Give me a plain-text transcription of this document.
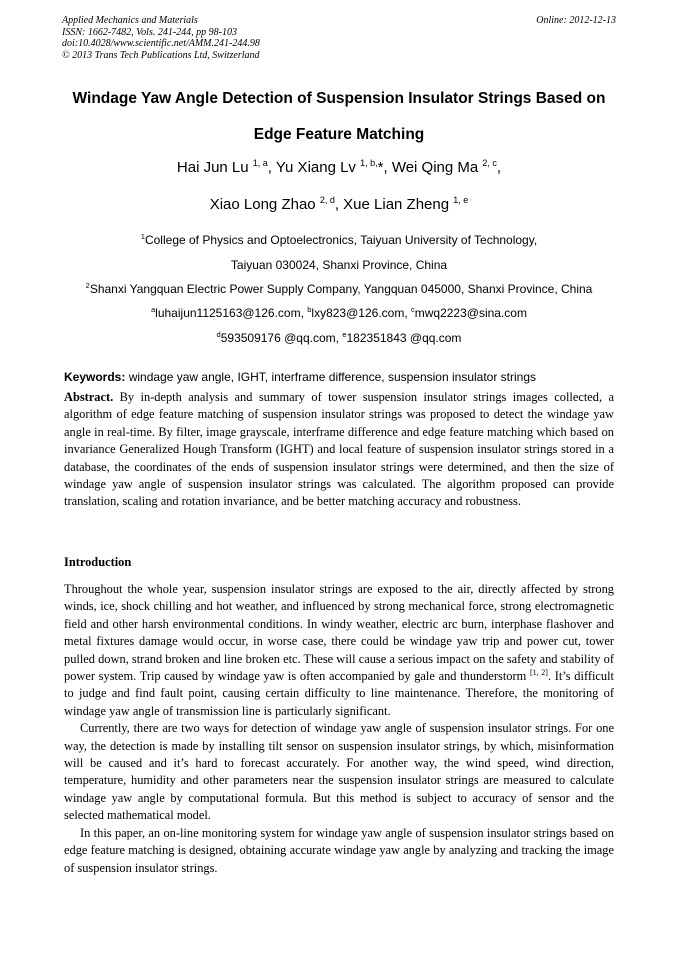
Applied Mechanics and Materials
ISSN: 1662-7482, Vols. 241-244, pp 98-103
doi:10.4028/www.scientific.net/AMM.241-244.98
© 2013 Trans Tech Publications Ltd, Switzerland
Online: 2012-12-13
Windage Yaw Angle Detection of Suspension Insulator Strings Based on
Edge Feature Matching
Hai Jun Lu $^{1, a}$, Yu Xiang Lv $^{1, b,}$*, Wei Qing Ma $^{2, c}$,
Xiao Long Zhao $^{2, d}$, Xue Lian Zheng $^{1, e}$
$^1$College of Physics and Optoelectronics, Taiyuan University of Technology,
Taiyuan 030024, Shanxi Province, China
$^2$Shanxi Yangquan Electric Power Supply Company, Yangquan 045000, Shanxi Province, China
$^a$luhaijun1125163@126.com, $^b$lxy823@126.com, $^c$mwq2223@sina.com
$^d$593509176 @qq.com, $^e$182351843 @qq.com
Keywords: windage yaw angle, IGHT, interframe difference, suspension insulator strings
Abstract. By in-depth analysis and summary of tower suspension insulator strings images collected, a algorithm of edge feature matching of suspension insulator strings was proposed to detect the windage yaw angle in real-time. By filter, image grayscale, interframe difference and edge feature matching which based on invariance Generalized Hough Transform (IGHT) and local feature of suspension insulator strings stored in a database, the coordinates of the ends of suspension insulator strings were determined, and then the size of windage yaw angle of suspension insulator strings was calculated. The algorithm proposed can provide translation, scaling and rotation invariance, and be better matching accuracy and robustness.
Introduction

Throughout the whole year, suspension insulator strings are exposed to the air, directly affected by strong winds, ice, shock chilling and hot weather, and influenced by strong mechanical force, strong electromagnetic field and other harsh environmental conditions. In windy weather, electric arc burn, interphase flashover and metal fixtures damage would occur, in worse case, there could be windage yaw trip and power cut, tower pulled down, strand broken and line broken etc. These will cause a serious impact on the safety and stability of power system. Trip caused by windage yaw is often accompanied by gale and thunderstorm [1, 2]. It’s difficult to judge and find fault point, causing certain difficulty to line maintenance. Therefore, the monitoring of windage yaw angle of transmission line is particularly significant.

Currently, there are two ways for detection of windage yaw angle of suspension insulator strings. For one way, the detection is made by installing tilt sensor on suspension insulator strings, by which, misinformation will be caused and it’s hard to forecast accurately. For another way, the wind speed, wind direction, temperature, humidity and other parameters near the suspension insulator strings are measured to calculate windage yaw angle by computational formula. But this method is subject to accuracy of sensor and the selected mathematical model.

In this paper, an on-line monitoring system for windage yaw angle of suspension insulator strings based on edge feature matching is designed, obtaining accurate windage yaw angle by analyzing and tracking the image of suspension insulator strings.
